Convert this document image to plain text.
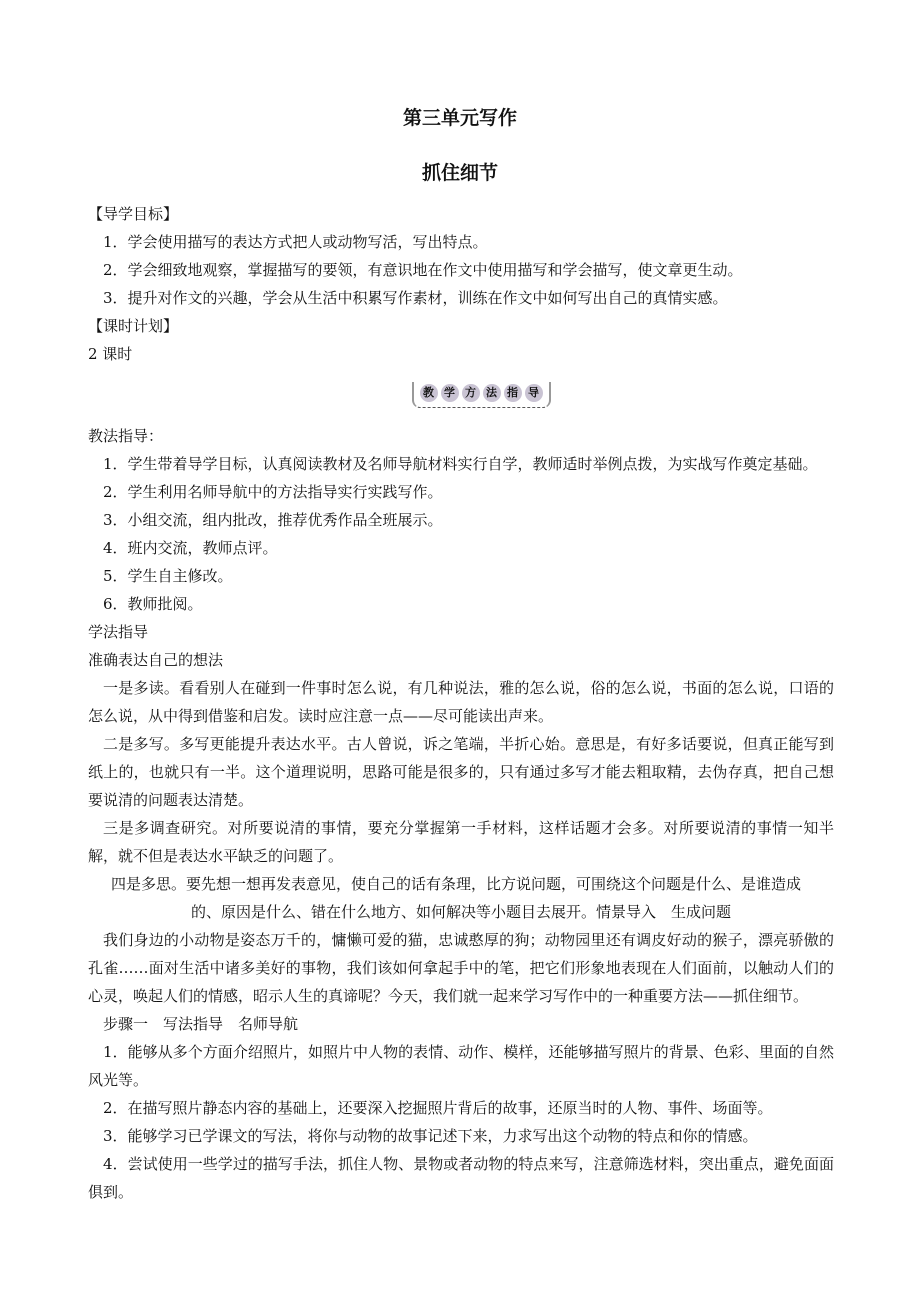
第三单元写作
抓住细节

【导学目标】

1．学会使用描写的表达方式把人或动物写活，写出特点。

2．学会细致地观察，掌握描写的要领，有意识地在作文中使用描写和学会描写，使文章更生动。

3．提升对作文的兴趣，学会从生活中积累写作素材，训练在作文中如何写出自己的真情实感。

【课时计划】

2 课时

教 学 方 法 指 导

教法指导：

1．学生带着导学目标，认真阅读教材及名师导航材料实行自学，教师适时举例点拨，为实战写作奠定基础。

2．学生利用名师导航中的方法指导实行实践写作。

3．小组交流，组内批改，推荐优秀作品全班展示。

4．班内交流，教师点评。

5．学生自主修改。

6．教师批阅。

学法指导

准确表达自己的想法

一是多读。看看别人在碰到一件事时怎么说，有几种说法，雅的怎么说，俗的怎么说，书面的怎么说，口语的怎么说，从中得到借鉴和启发。读时应注意一点——尽可能读出声来。

二是多写。多写更能提升表达水平。古人曾说，诉之笔端，半折心始。意思是，有好多话要说，但真正能写到纸上的，也就只有一半。这个道理说明，思路可能是很多的，只有通过多写才能去粗取精，去伪存真，把自己想要说清的问题表达清楚。

三是多调查研究。对所要说清的事情，要充分掌握第一手材料，这样话题才会多。对所要说清的事情一知半解，就不但是表达水平缺乏的问题了。

四是多思。要先想一想再发表意见，使自己的话有条理，比方说问题，可围绕这个问题是什么、是谁造成

的、原因是什么、错在什么地方、如何解决等小题目去展开。情景导入　生成问题

我们身边的小动物是姿态万千的，慵懒可爱的猫，忠诚憨厚的狗；动物园里还有调皮好动的猴子，漂亮骄傲的孔雀……面对生活中诸多美好的事物，我们该如何拿起手中的笔，把它们形象地表现在人们面前，以触动人们的心灵，唤起人们的情感，昭示人生的真谛呢？今天，我们就一起来学习写作中的一种重要方法——抓住细节。

步骤一　写法指导　名师导航

1．能够从多个方面介绍照片，如照片中人物的表情、动作、模样，还能够描写照片的背景、色彩、里面的自然风光等。

2．在描写照片静态内容的基础上，还要深入挖掘照片背后的故事，还原当时的人物、事件、场面等。

3．能够学习已学课文的写法，将你与动物的故事记述下来，力求写出这个动物的特点和你的情感。

4．尝试使用一些学过的描写手法，抓住人物、景物或者动物的特点来写，注意筛选材料，突出重点，避免面面俱到。
